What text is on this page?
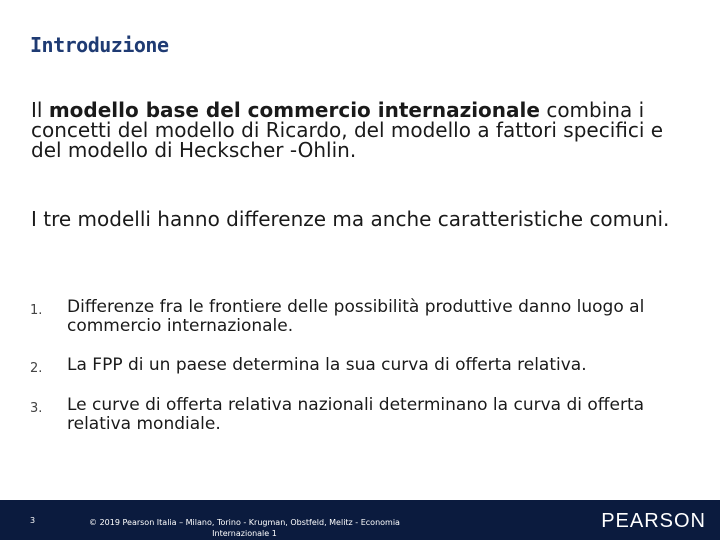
Introduzione
Il modello base del commercio internazionale combina i concetti del modello di Ricardo, del modello a fattori specifici e del modello di Heckscher -Ohlin.
I tre modelli hanno differenze ma anche caratteristiche comuni.
1.	Differenze fra le frontiere delle possibilità produttive danno luogo al commercio internazionale.
2.	La FPP di un paese determina la sua curva di offerta relativa.
3.	Le curve di offerta relativa nazionali determinano la curva di offerta relativa mondiale.
3	© 2019 Pearson Italia – Milano, Torino - Krugman, Obstfeld, Melitz - Economia Internazionale 1
PEARSON
